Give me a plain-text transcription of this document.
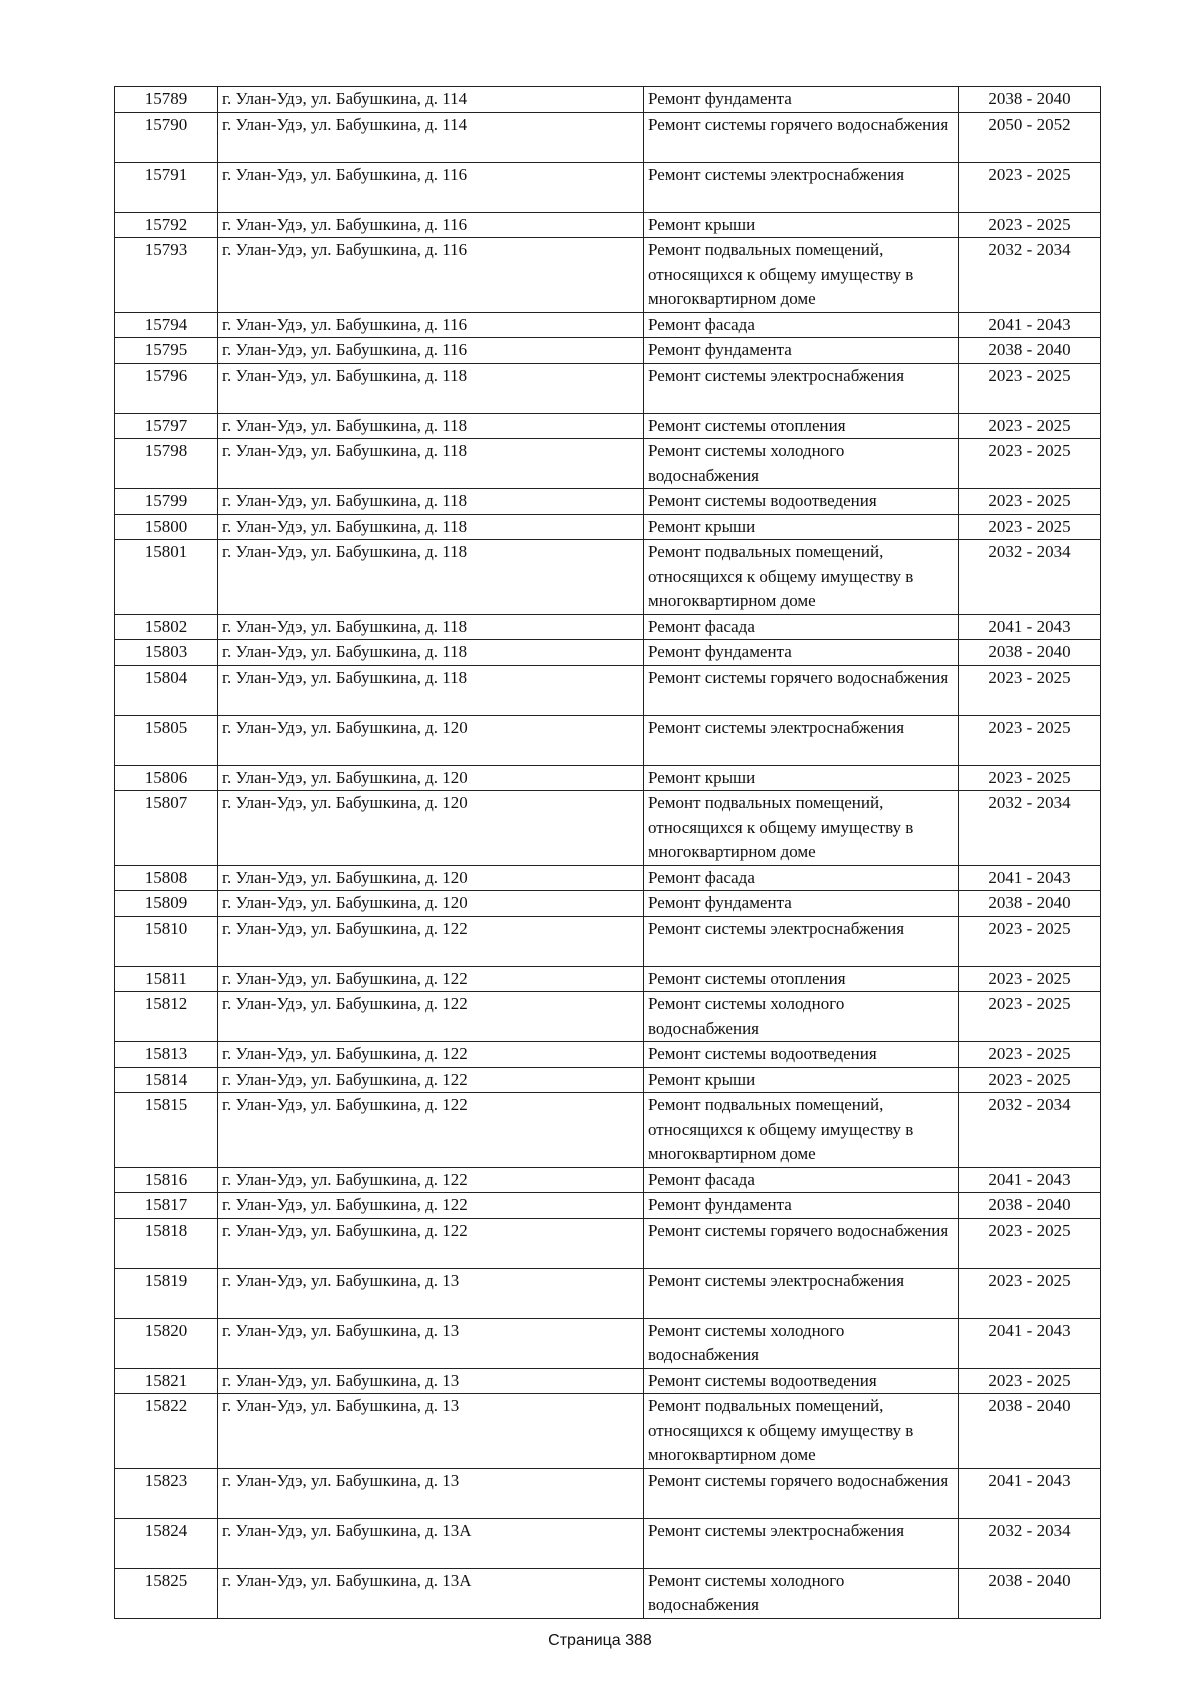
15789	г. Улан-Удэ, ул. Бабушкина, д. 114	Ремонт фундамента	2038 - 2040
15790	г. Улан-Удэ, ул. Бабушкина, д. 114	Ремонт системы горячего водоснабжения	2050 - 2052
15791	г. Улан-Удэ, ул. Бабушкина, д. 116	Ремонт системы электроснабжения	2023 - 2025
15792	г. Улан-Удэ, ул. Бабушкина, д. 116	Ремонт крыши	2023 - 2025
15793	г. Улан-Удэ, ул. Бабушкина, д. 116	Ремонт подвальных помещений, относящихся к общему имуществу в многоквартирном доме	2032 - 2034
15794	г. Улан-Удэ, ул. Бабушкина, д. 116	Ремонт фасада	2041 - 2043
15795	г. Улан-Удэ, ул. Бабушкина, д. 116	Ремонт фундамента	2038 - 2040
15796	г. Улан-Удэ, ул. Бабушкина, д. 118	Ремонт системы электроснабжения	2023 - 2025
15797	г. Улан-Удэ, ул. Бабушкина, д. 118	Ремонт системы отопления	2023 - 2025
15798	г. Улан-Удэ, ул. Бабушкина, д. 118	Ремонт системы холодного водоснабжения	2023 - 2025
15799	г. Улан-Удэ, ул. Бабушкина, д. 118	Ремонт системы водоотведения	2023 - 2025
15800	г. Улан-Удэ, ул. Бабушкина, д. 118	Ремонт крыши	2023 - 2025
15801	г. Улан-Удэ, ул. Бабушкина, д. 118	Ремонт подвальных помещений, относящихся к общему имуществу в многоквартирном доме	2032 - 2034
15802	г. Улан-Удэ, ул. Бабушкина, д. 118	Ремонт фасада	2041 - 2043
15803	г. Улан-Удэ, ул. Бабушкина, д. 118	Ремонт фундамента	2038 - 2040
15804	г. Улан-Удэ, ул. Бабушкина, д. 118	Ремонт системы горячего водоснабжения	2023 - 2025
15805	г. Улан-Удэ, ул. Бабушкина, д. 120	Ремонт системы электроснабжения	2023 - 2025
15806	г. Улан-Удэ, ул. Бабушкина, д. 120	Ремонт крыши	2023 - 2025
15807	г. Улан-Удэ, ул. Бабушкина, д. 120	Ремонт подвальных помещений, относящихся к общему имуществу в многоквартирном доме	2032 - 2034
15808	г. Улан-Удэ, ул. Бабушкина, д. 120	Ремонт фасада	2041 - 2043
15809	г. Улан-Удэ, ул. Бабушкина, д. 120	Ремонт фундамента	2038 - 2040
15810	г. Улан-Удэ, ул. Бабушкина, д. 122	Ремонт системы электроснабжения	2023 - 2025
15811	г. Улан-Удэ, ул. Бабушкина, д. 122	Ремонт системы отопления	2023 - 2025
15812	г. Улан-Удэ, ул. Бабушкина, д. 122	Ремонт системы холодного водоснабжения	2023 - 2025
15813	г. Улан-Удэ, ул. Бабушкина, д. 122	Ремонт системы водоотведения	2023 - 2025
15814	г. Улан-Удэ, ул. Бабушкина, д. 122	Ремонт крыши	2023 - 2025
15815	г. Улан-Удэ, ул. Бабушкина, д. 122	Ремонт подвальных помещений, относящихся к общему имуществу в многоквартирном доме	2032 - 2034
15816	г. Улан-Удэ, ул. Бабушкина, д. 122	Ремонт фасада	2041 - 2043
15817	г. Улан-Удэ, ул. Бабушкина, д. 122	Ремонт фундамента	2038 - 2040
15818	г. Улан-Удэ, ул. Бабушкина, д. 122	Ремонт системы горячего водоснабжения	2023 - 2025
15819	г. Улан-Удэ, ул. Бабушкина, д. 13	Ремонт системы электроснабжения	2023 - 2025
15820	г. Улан-Удэ, ул. Бабушкина, д. 13	Ремонт системы холодного водоснабжения	2041 - 2043
15821	г. Улан-Удэ, ул. Бабушкина, д. 13	Ремонт системы водоотведения	2023 - 2025
15822	г. Улан-Удэ, ул. Бабушкина, д. 13	Ремонт подвальных помещений, относящихся к общему имуществу в многоквартирном доме	2038 - 2040
15823	г. Улан-Удэ, ул. Бабушкина, д. 13	Ремонт системы горячего водоснабжения	2041 - 2043
15824	г. Улан-Удэ, ул. Бабушкина, д. 13А	Ремонт системы электроснабжения	2032 - 2034
15825	г. Улан-Удэ, ул. Бабушкина, д. 13А	Ремонт системы холодного водоснабжения	2038 - 2040
Страница 388
